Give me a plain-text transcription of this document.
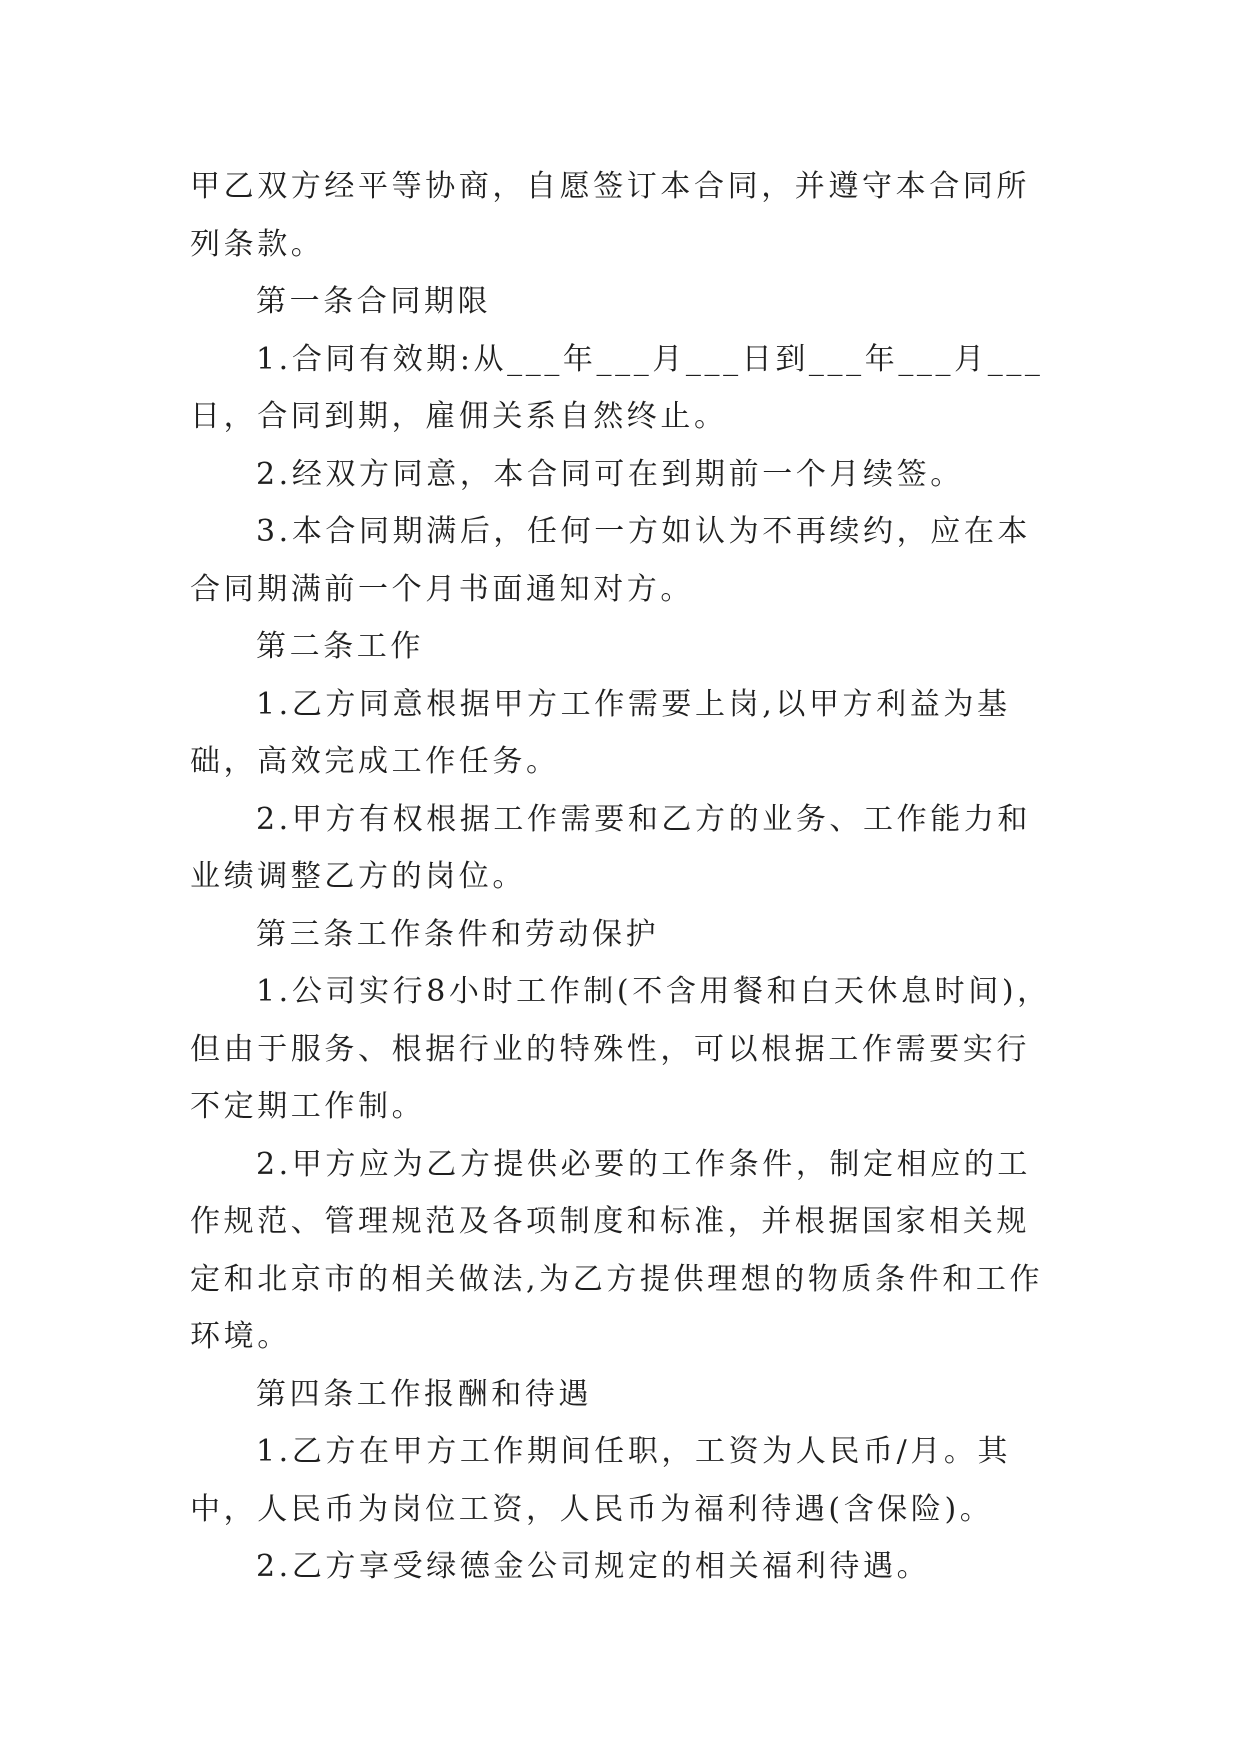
甲乙双方经平等协商，自愿签订本合同，并遵守本合同所列条款。

第一条合同期限

1.合同有效期:从___年___月___日到___年___月___日，合同到期，雇佣关系自然终止。

2.经双方同意，本合同可在到期前一个月续签。

3.本合同期满后，任何一方如认为不再续约，应在本合同期满前一个月书面通知对方。

第二条工作

1.乙方同意根据甲方工作需要上岗,以甲方利益为基础，高效完成工作任务。

2.甲方有权根据工作需要和乙方的业务、工作能力和业绩调整乙方的岗位。

第三条工作条件和劳动保护

1.公司实行8小时工作制(不含用餐和白天休息时间)，但由于服务、根据行业的特殊性，可以根据工作需要实行不定期工作制。

2.甲方应为乙方提供必要的工作条件，制定相应的工作规范、管理规范及各项制度和标准，并根据国家相关规定和北京市的相关做法,为乙方提供理想的物质条件和工作环境。

第四条工作报酬和待遇

1.乙方在甲方工作期间任职，工资为人民币/月。其中，人民币为岗位工资，人民币为福利待遇(含保险)。

2.乙方享受绿德金公司规定的相关福利待遇。
